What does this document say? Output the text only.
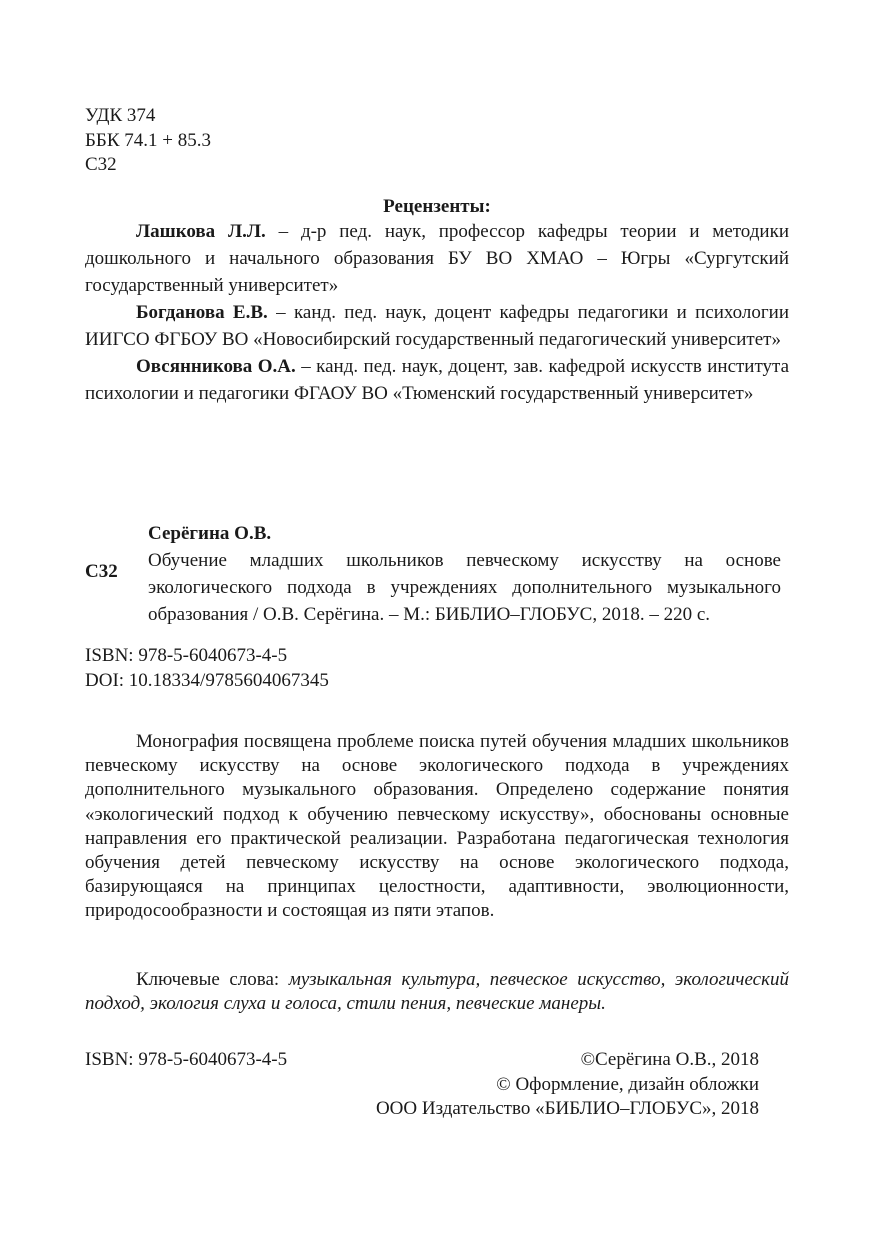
УДК 374
ББК 74.1 + 85.3
С32
Рецензенты:

Лашкова Л.Л. – д-р пед. наук, профессор кафедры теории и методики дошкольного и начального образования БУ ВО ХМАО – Югры «Сургутский государственный университет»

Богданова Е.В. – канд. пед. наук, доцент кафедры педагогики и психологии ИИГСО ФГБОУ ВО «Новосибирский государственный педагогический университет»

Овсянникова О.А. – канд. пед. наук, доцент, зав. кафедрой искусств института психологии и педагогики ФГАОУ ВО «Тюменский государственный университет»

Серёгина О.В.
С32

Обучение младших школьников певческому искусству на основе экологического подхода в учреждениях дополнительного музыкального образования / О.В. Серёгина. – М.: БИБЛИО–ГЛОБУС, 2018. – 220 с.

ISBN: 978-5-6040673-4-5
DOI: 10.18334/9785604067345

Монография посвящена проблеме поиска путей обучения младших школьников певческому искусству на основе экологического подхода в учреждениях дополнительного музыкального образования. Определено содержание понятия «экологический подход к обучению певческому искусству», обоснованы основные направления его практической реализации. Разработана педагогическая технология обучения детей певческому искусству на основе экологического подхода, базирующаяся на принципах целостности, адаптивности, эволюционности, природосообразности и состоящая из пяти этапов.

Ключевые слова: музыкальная культура, певческое искусство, экологический подход, экология слуха и голоса, стили пения, певческие манеры.

ISBN: 978-5-6040673-4-5	©Серёгина О.В., 2018
© Оформление, дизайн обложки
ООО Издательство «БИБЛИО–ГЛОБУС», 2018
